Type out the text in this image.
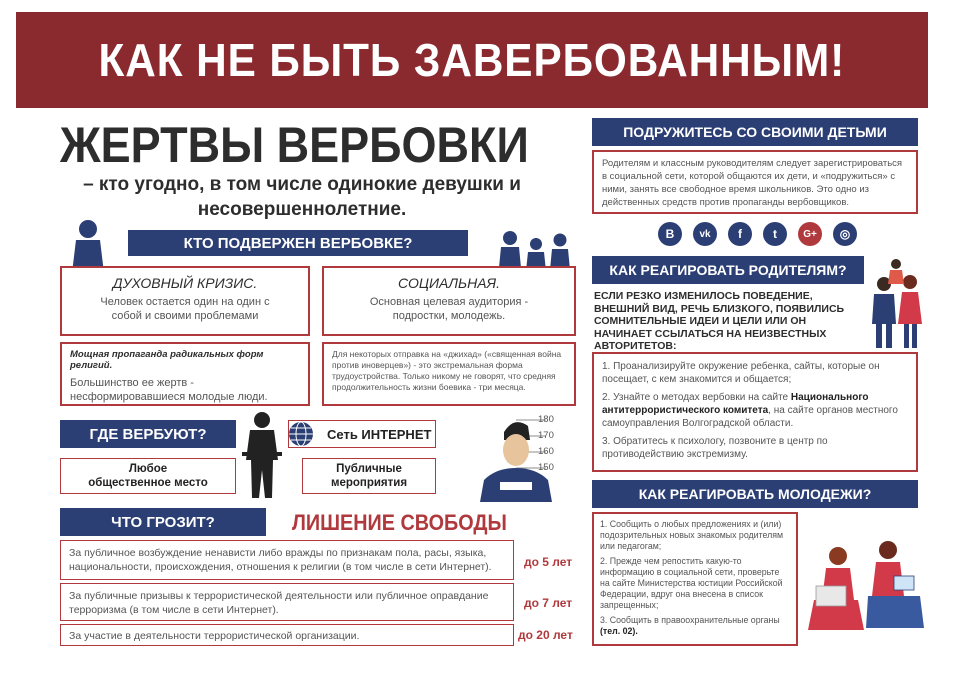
КАК НЕ БЫТЬ ЗАВЕРБОВАННЫМ!
ЖЕРТВЫ ВЕРБОВКИ
– кто угодно, в том числе одинокие девушки и несовершеннолетние.
КТО ПОДВЕРЖЕН ВЕРБОВКЕ?
ДУХОВНЫЙ КРИЗИС.
Человек остается один на один с собой и своими проблемами
СОЦИАЛЬНАЯ.
Основная целевая аудитория - подростки, молодежь.
Мощная пропаганда радикальных форм религий.
Большинство ее жертв - несформировавшиеся молодые люди.
Для некоторых отправка на «джихад» («священная война против иноверцев») - это экстремальная форма трудоустройства. Только никому не говорят, что средняя продолжительность жизни боевика - три месяца.
ГДЕ ВЕРБУЮТ?	Сеть ИНТЕРНЕТ
Любое общественное место
Публичные мероприятия
180
170
160
150
ЧТО ГРОЗИТ?	ЛИШЕНИЕ СВОБОДЫ
За публичное возбуждение ненависти либо вражды по признакам пола, расы, языка, национальности, происхождения, отношения к религии (в том числе в сети Интернет).	до 5 лет
За публичные призывы к террористической деятельности или публичное оправдание терроризма (в том числе в сети Интернет).	до 7 лет
За участие в деятельности террористической организации.	до 20 лет
ПОДРУЖИТЕСЬ СО СВОИМИ ДЕТЬМИ
Родителям и классным руководителям следует зарегистрироваться в социальной сети, которой общаются их дети, и «подружиться» с ними, занять все свободное время школьников. Это одно из действенных средств против пропаганды вербовщиков.
B	vk	f	t	G+	◎
КАК РЕАГИРОВАТЬ РОДИТЕЛЯМ?
ЕСЛИ РЕЗКО ИЗМЕНИЛОСЬ ПОВЕДЕНИЕ, ВНЕШНИЙ ВИД, РЕЧЬ БЛИЗКОГО, ПОЯВИЛИСЬ СОМНИТЕЛЬНЫЕ ИДЕИ И ЦЕЛИ ИЛИ ОН НАЧИНАЕТ ССЫЛАТЬСЯ НА НЕИЗВЕСТНЫХ АВТОРИТЕТОВ:
1. Проанализируйте окружение ребенка, сайты, которые он посещает, с кем знакомится и общается;
2. Узнайте о методах вербовки на сайте Национального антитеррористического комитета, на сайте органов местного самоуправления Волгоградской области.
3. Обратитесь к психологу, позвоните в центр по противодействию экстремизму.
КАК РЕАГИРОВАТЬ МОЛОДЕЖИ?
1. Сообщить о любых предложениях и (или) подозрительных новых знакомых родителям или педагогам;
2. Прежде чем репостить какую-то информацию в социальной сети, проверьте на сайте Министерства юстиции Российской Федерации, вдруг она внесена в список запрещенных;
3. Сообщить в правоохранительные органы (тел. 02).
